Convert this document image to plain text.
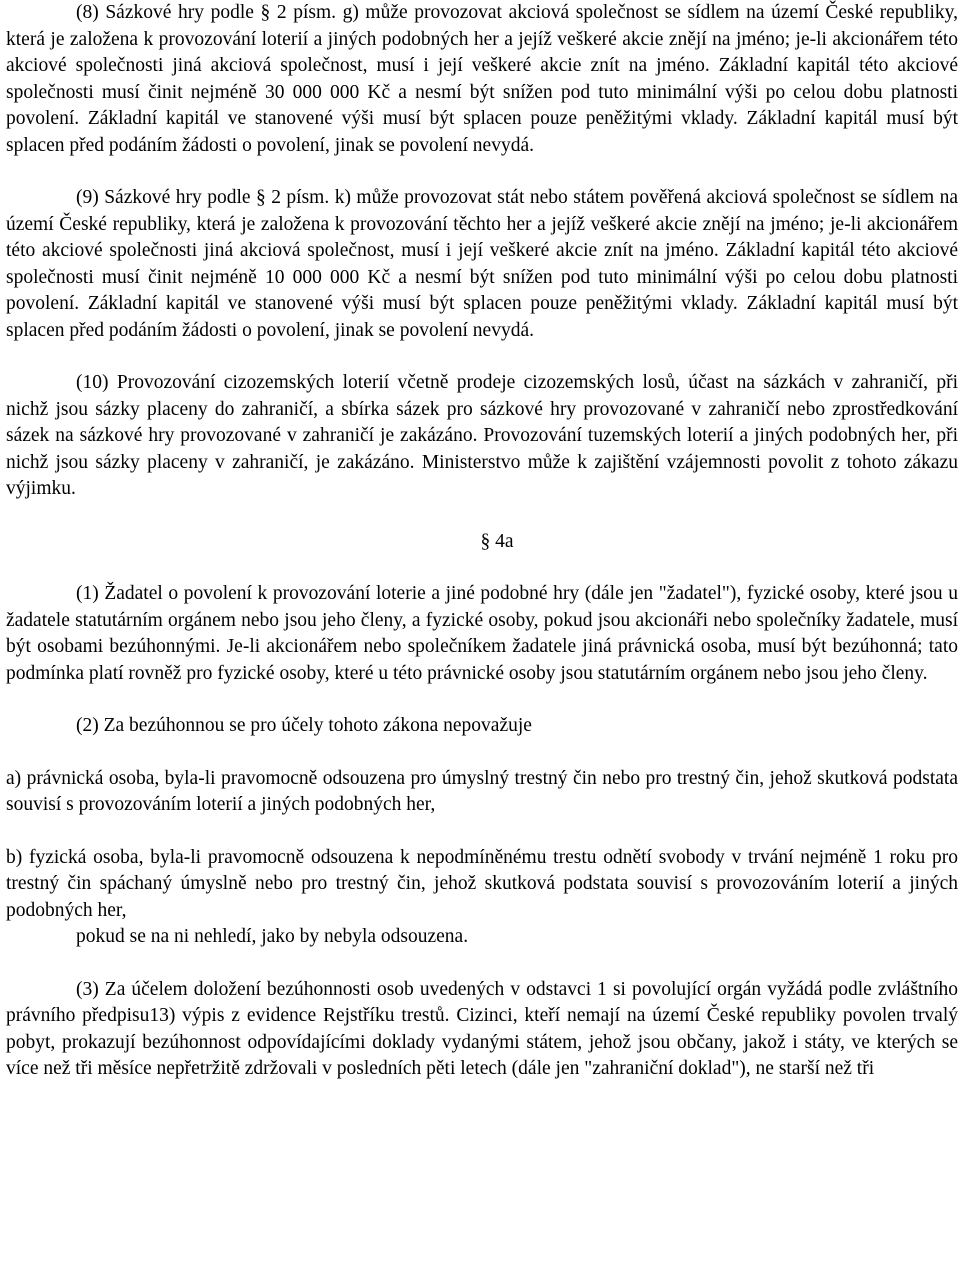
(8) Sázkové hry podle § 2 písm. g) může provozovat akciová společnost se sídlem na území České republiky, která je založena k provozování loterií a jiných podobných her a jejíž veškeré akcie znějí na jméno; je-li akcionářem této akciové společnosti jiná akciová společnost, musí i její veškeré akcie znít na jméno. Základní kapitál této akciové společnosti musí činit nejméně 30 000 000 Kč a nesmí být snížen pod tuto minimální výši po celou dobu platnosti povolení. Základní kapitál ve stanovené výši musí být splacen pouze peněžitými vklady. Základní kapitál musí být splacen před podáním žádosti o povolení, jinak se povolení nevydá.

(9) Sázkové hry podle § 2 písm. k) může provozovat stát nebo státem pověřená akciová společnost se sídlem na území České republiky, která je založena k provozování těchto her a jejíž veškeré akcie znějí na jméno; je-li akcionářem této akciové společnosti jiná akciová společnost, musí i její veškeré akcie znít na jméno. Základní kapitál této akciové společnosti musí činit nejméně 10 000 000 Kč a nesmí být snížen pod tuto minimální výši po celou dobu platnosti povolení. Základní kapitál ve stanovené výši musí být splacen pouze peněžitými vklady. Základní kapitál musí být splacen před podáním žádosti o povolení, jinak se povolení nevydá.

(10) Provozování cizozemských loterií včetně prodeje cizozemských losů, účast na sázkách v zahraničí, při nichž jsou sázky placeny do zahraničí, a sbírka sázek pro sázkové hry provozované v zahraničí nebo zprostředkování sázek na sázkové hry provozované v zahraničí je zakázáno. Provozování tuzemských loterií a jiných podobných her, při nichž jsou sázky placeny v zahraničí, je zakázáno. Ministerstvo může k zajištění vzájemnosti povolit z tohoto zákazu výjimku.

§ 4a

(1) Žadatel o povolení k provozování loterie a jiné podobné hry (dále jen "žadatel"), fyzické osoby, které jsou u žadatele statutárním orgánem nebo jsou jeho členy, a fyzické osoby, pokud jsou akcionáři nebo společníky žadatele, musí být osobami bezúhonnými. Je-li akcionářem nebo společníkem žadatele jiná právnická osoba, musí být bezúhonná; tato podmínka platí rovněž pro fyzické osoby, které u této právnické osoby jsou statutárním orgánem nebo jsou jeho členy.

(2) Za bezúhonnou se pro účely tohoto zákona nepovažuje

a) právnická osoba, byla-li pravomocně odsouzena pro úmyslný trestný čin nebo pro trestný čin, jehož skutková podstata souvisí s provozováním loterií a jiných podobných her,

b) fyzická osoba, byla-li pravomocně odsouzena k nepodmíněnému trestu odnětí svobody v trvání nejméně 1 roku pro trestný čin spáchaný úmyslně nebo pro trestný čin, jehož skutková podstata souvisí s provozováním loterií a jiných podobných her,

pokud se na ni nehledí, jako by nebyla odsouzena.

(3) Za účelem doložení bezúhonnosti osob uvedených v odstavci 1 si povolující orgán vyžádá podle zvláštního právního předpisu13) výpis z evidence Rejstříku trestů. Cizinci, kteří nemají na území České republiky povolen trvalý pobyt, prokazují bezúhonnost odpovídajícími doklady vydanými státem, jehož jsou občany, jakož i státy, ve kterých se více než tři měsíce nepřetržitě zdržovali v posledních pěti letech (dále jen "zahraniční doklad"), ne starší než tři
